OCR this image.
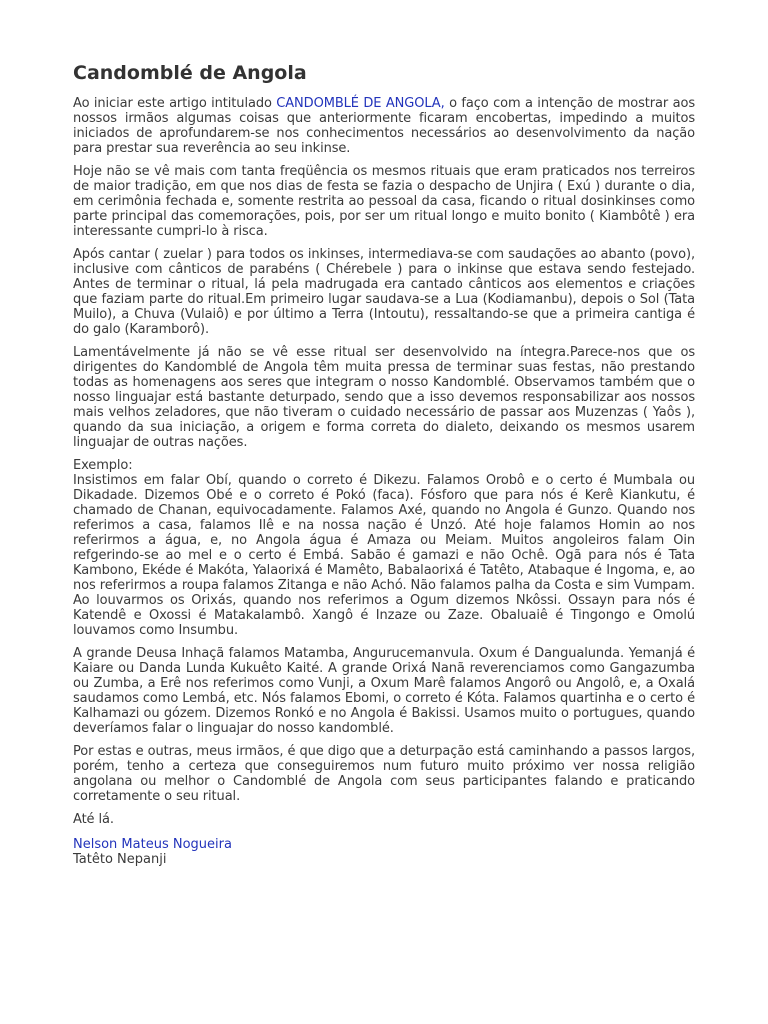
Candomblé de Angola

Ao iniciar este artigo intitulado CANDOMBLÉ DE ANGOLA, o faço com a intenção de mostrar aos nossos irmãos algumas coisas que anteriormente ficaram encobertas, impedindo a muitos iniciados de aprofundarem-se nos conhecimentos necessários ao desenvolvimento da nação para prestar sua reverência ao seu inkinse.

Hoje não se vê mais com tanta freqüência os mesmos rituais que eram praticados nos terreiros de maior tradição, em que nos dias de festa se fazia o despacho de Unjira ( Exú ) durante o dia, em cerimônia fechada e, somente restrita ao pessoal da casa, ficando o ritual dosinkinses como parte principal das comemorações, pois, por ser um ritual longo e muito bonito ( Kiambôtê ) era interessante cumpri-lo à risca.

Após cantar ( zuelar ) para todos os inkinses, intermediava-se com saudações ao abanto (povo), inclusive com cânticos de parabéns ( Chérebele ) para o inkinse que estava sendo festejado. Antes de terminar o ritual, lá pela madrugada era cantado cânticos aos elementos e criações que faziam parte do ritual.Em primeiro lugar saudava-se a Lua (Kodiamanbu), depois o Sol (Tata Muilo), a Chuva (Vulaiô) e por último a Terra (Intoutu), ressaltando-se que a primeira cantiga é do galo (Karamborô).

Lamentávelmente já não se vê esse ritual ser desenvolvido na íntegra.Parece-nos que os dirigentes do Kandomblé de Angola têm muita pressa de terminar suas festas, não prestando todas as homenagens aos seres que integram o nosso Kandomblé. Observamos também que o nosso linguajar está bastante deturpado, sendo que a isso devemos responsabilizar aos nossos mais velhos zeladores, que não tiveram o cuidado necessário de passar aos Muzenzas ( Yaôs ), quando da sua iniciação, a origem e forma correta do dialeto, deixando os mesmos usarem linguajar de outras nações.

Exemplo:
Insistimos em falar Obí, quando o correto é Dikezu. Falamos Orobô e o certo é Mumbala ou Dikadade. Dizemos Obé e o correto é Pokó (faca). Fósforo que para nós é Kerê Kiankutu, é chamado de Chanan, equivocadamente. Falamos Axé, quando no Angola é Gunzo. Quando nos referimos a casa, falamos Ilê e na nossa nação é Unzó. Até hoje falamos Homin ao nos referirmos a água, e, no Angola água é Amaza ou Meiam. Muitos angoleiros falam Oin refgerindo-se ao mel e o certo é Embá. Sabão é gamazi e não Ochê. Ogã para nós é Tata Kambono, Ekéde é Makóta, Yalaorixá é Mamêto, Babalaorixá é Tatêto, Atabaque é Ingoma, e, ao nos referirmos a roupa falamos Zitanga e não Achó. Não falamos palha da Costa e sim Vumpam. Ao louvarmos os Orixás, quando nos referimos a Ogum dizemos Nkôssi. Ossayn para nós é Katendê e Oxossi é Matakalambô. Xangô é Inzaze ou Zaze. Obaluaiê é Tingongo e Omolú louvamos como Insumbu.

A grande Deusa Inhaçã falamos Matamba, Angurucemanvula. Oxum é Dangualunda. Yemanjá é Kaiare ou Danda Lunda Kukuêto Kaité. A grande Orixá Nanã reverenciamos como Gangazumba ou Zumba, a Erê nos referimos como Vunji, a Oxum Marê falamos Angorô ou Angolô, e, a Oxalá saudamos como Lembá, etc. Nós falamos Ebomi, o correto é Kóta. Falamos quartinha e o certo é Kalhamazi ou gózem. Dizemos Ronkó e no Angola é Bakissi. Usamos muito o portugues, quando deveríamos falar o linguajar do nosso kandomblé.

Por estas e outras, meus irmãos, é que digo que a deturpação está caminhando a passos largos, porém, tenho a certeza que conseguiremos num futuro muito próximo ver nossa religião angolana ou melhor o Candomblé de Angola com seus participantes falando e praticando corretamente o seu ritual.

Até lá.

Nelson Mateus Nogueira
Tatêto Nepanji
